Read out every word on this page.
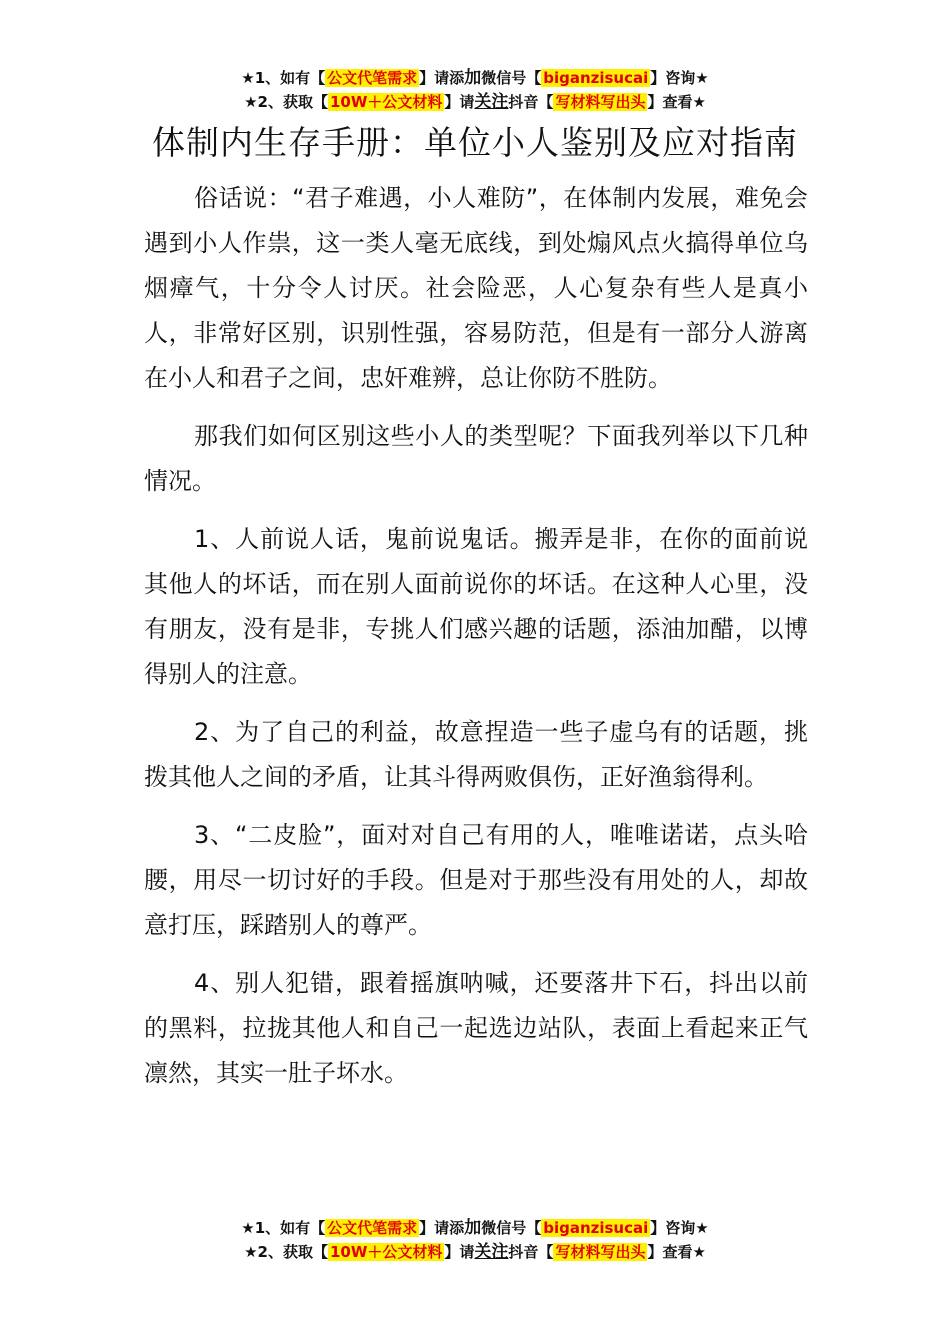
★1、如有【 公文代笔需求 】请添加微信号【 biganzisucai 】咨询★
★2、获取【 10W＋公文材料 】请关注抖音【 写材料写出头 】查看★
体制内生存手册：单位小人鉴别及应对指南

俗话说：“君子难遇，小人难防”，在体制内发展，难免会遇到小人作祟，这一类人毫无底线，到处煽风点火搞得单位乌烟瘴气，十分令人讨厌。社会险恶，人心复杂有些人是真小人，非常好区别，识别性强，容易防范，但是有一部分人游离在小人和君子之间，忠奸难辨，总让你防不胜防。

那我们如何区别这些小人的类型呢？下面我列举以下几种情况。

1、人前说人话，鬼前说鬼话。搬弄是非，在你的面前说其他人的坏话，而在别人面前说你的坏话。在这种人心里，没有朋友，没有是非，专挑人们感兴趣的话题，添油加醋，以博得别人的注意。

2、为了自己的利益，故意捏造一些子虚乌有的话题，挑拨其他人之间的矛盾，让其斗得两败俱伤，正好渔翁得利。

3、“二皮脸”，面对对自己有用的人，唯唯诺诺，点头哈腰，用尽一切讨好的手段。但是对于那些没有用处的人，却故意打压，踩踏别人的尊严。

4、别人犯错，跟着摇旗呐喊，还要落井下石，抖出以前的黑料，拉拢其他人和自己一起选边站队，表面上看起来正气凛然，其实一肚子坏水。

★1、如有【 公文代笔需求 】请添加微信号【 biganzisucai 】咨询★
★2、获取【 10W＋公文材料 】请关注抖音【 写材料写出头 】查看★
